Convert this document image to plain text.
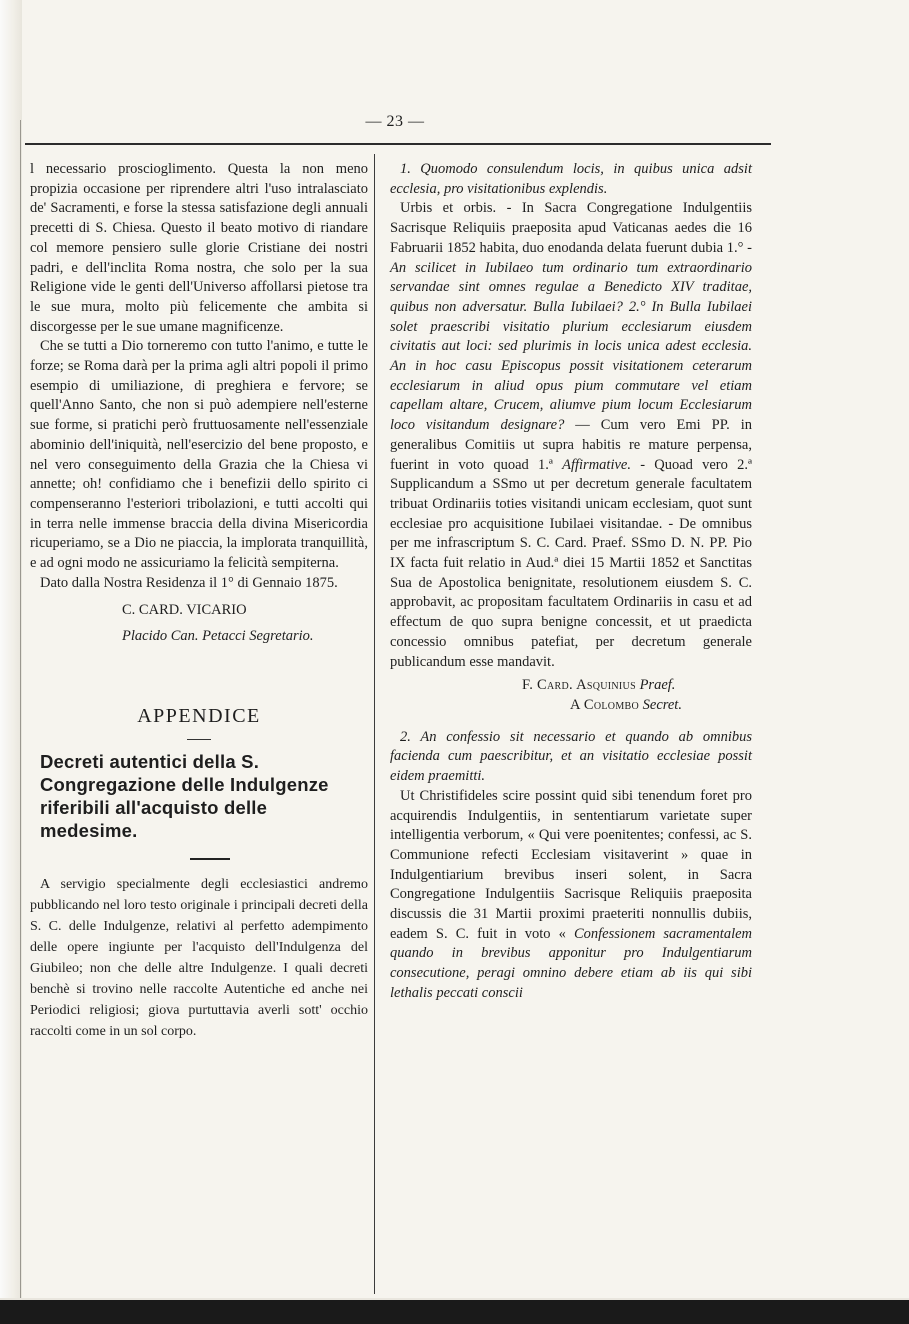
— 23 —

l necessario proscioglimento. Questa la non meno propizia occasione per riprendere altri l'uso intralasciato de' Sacramenti, e forse la stessa satisfazione degli annuali precetti di S. Chiesa. Questo il beato motivo di riandare col memore pensiero sulle glorie Cristiane dei nostri padri, e dell'inclita Roma nostra, che solo per la sua Religione vide le genti dell'Universo affollarsi pietose tra le sue mura, molto più felicemente che ambita si discorgesse per le sue umane magnificenze.

Che se tutti a Dio torneremo con tutto l'animo, e tutte le forze; se Roma darà per la prima agli altri popoli il primo esempio di umiliazione, di preghiera e fervore; se quell'Anno Santo, che non si può adempiere nell'esterne sue forme, si pratichi però fruttuosamente nell'essenziale abominio dell'iniquità, nell'esercizio del bene proposto, e nel vero conseguimento della Grazia che la Chiesa vi annette; oh! confidiamo che i benefizii dello spirito ci compenseranno l'esteriori tribolazioni, e tutti accolti qui in terra nelle immense braccia della divina Misericordia ricuperiamo, se a Dio ne piaccia, la implorata tranquillità, e ad ogni modo ne assicuriamo la felicità sempiterna.

Dato dalla Nostra Residenza il 1° di Gennaio 1875.

C. CARD. VICARIO

Placido Can. Petacci Segretario.

APPENDICE

Decreti autentici della S. Congregazione delle Indulgenze riferibili all'acquisto delle medesime.

A servigio specialmente degli ecclesiastici andremo pubblicando nel loro testo originale i principali decreti della S. C. delle Indulgenze, relativi al perfetto adempimento delle opere ingiunte per l'acquisto dell'Indulgenza del Giubileo; non che delle altre Indulgenze. I quali decreti benchè si trovino nelle raccolte Autentiche ed anche nei Periodici religiosi; giova purtuttavia averli sott' occhio raccolti come in un sol corpo.

1. Quomodo consulendum locis, in quibus unica adsit ecclesia, pro visitationibus explendis.

Urbis et orbis. - In Sacra Congregatione Indulgentiis Sacrisque Reliquiis praeposita apud Vaticanas aedes die 16 Fabruarii 1852 habita, duo enodanda delata fuerunt dubia 1.° - An scilicet in Iubilaeo tum ordinario tum extraordinario servandae sint omnes regulae a Benedicto XIV traditae, quibus non adversatur. Bulla Iubilaei? 2.° In Bulla Iubilaei solet praescribi visitatio plurium ecclesiarum eiusdem civitatis aut loci: sed plurimis in locis unica adest ecclesia. An in hoc casu Episcopus possit visitationem ceterarum ecclesiarum in aliud opus pium commutare vel etiam capellam altare, Crucem, aliumve pium locum Ecclesiarum loco visitandum designare? — Cum vero Emi PP. in generalibus Comitiis ut supra habitis re mature perpensa, fuerint in voto quoad 1.ª Affirmative. - Quoad vero 2.ª Supplicandum a SSmo ut per decretum generale facultatem tribuat Ordinariis toties visitandi unicam ecclesiam, quot sunt ecclesiae pro acquisitione Iubilaei visitandae. - De omnibus per me infrascriptum S. C. Card. Praef. SSmo D. N. PP. Pio IX facta fuit relatio in Aud.ª diei 15 Martii 1852 et Sanctitas Sua de Apostolica benignitate, resolutionem eiusdem S. C. approbavit, ac propositam facultatem Ordinariis in casu et ad effectum de quo supra benigne concessit, et ut praedicta concessio omnibus patefiat, per decretum generale publicandum esse mandavit.

F. Card. Asquinius Praef.

A Colombo Secret.

2. An confessio sit necessario et quando ab omnibus facienda cum paescribitur, et an visitatio ecclesiae possit eidem praemitti.

Ut Christifideles scire possint quid sibi tenendum foret pro acquirendis Indulgentiis, in sententiarum varietate super intelligentia verborum, « Qui vere poenitentes; confessi, ac S. Communione refecti Ecclesiam visitaverint » quae in Indulgentiarium brevibus inseri solent, in Sacra Congregatione Indulgentiis Sacrisque Reliquiis praeposita discussis die 31 Martii proximi praeteriti nonnullis dubiis, eadem S. C. fuit in voto « Confessionem sacramentalem quando in brevibus apponitur pro Indulgentiarum consecutione, peragi omnino debere etiam ab iis qui sibi lethalis peccati conscii
